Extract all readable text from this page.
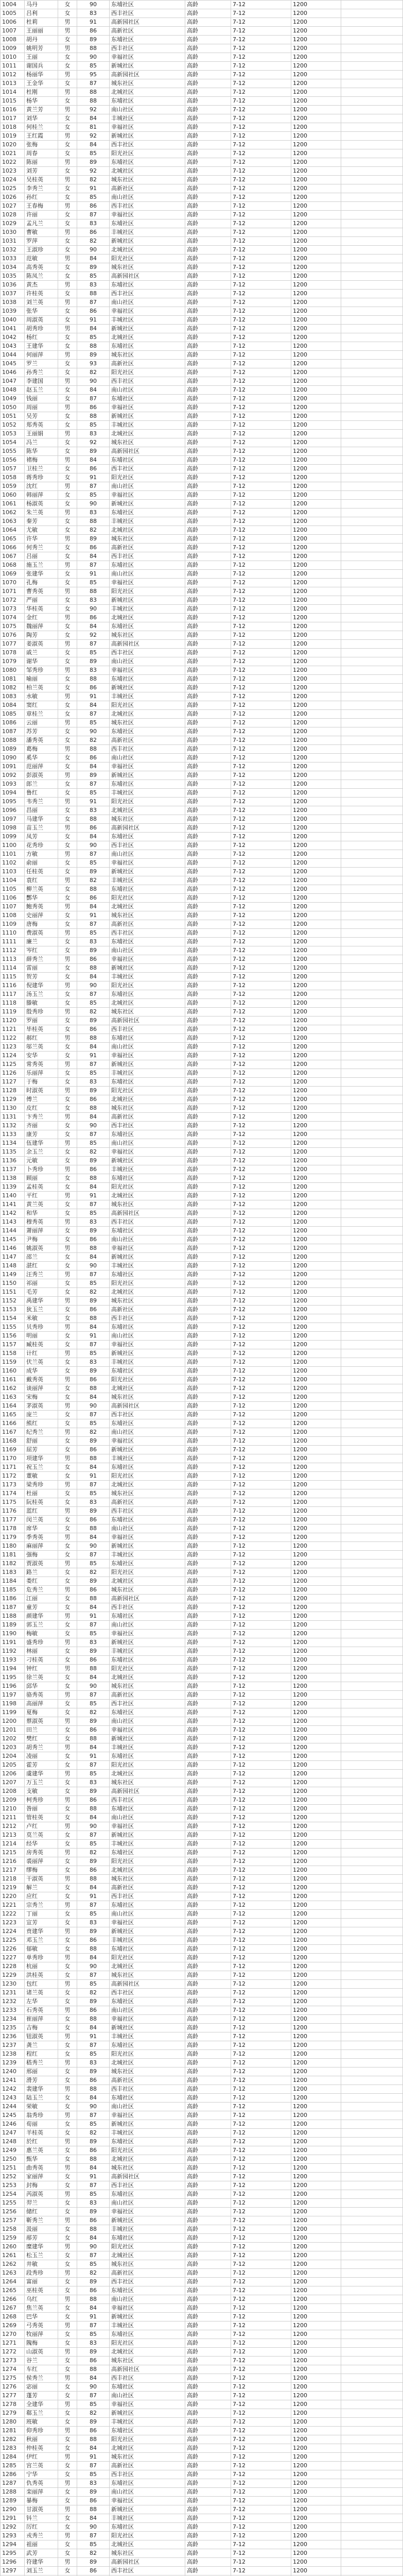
1004	马丹	女	90	东埔社区	高龄	7-12	1200	
1005	吕利	女	83	西丰社区	高龄	7-12	1200	
1006	杜莉	男	91	高新园社区	高龄	7-12	1200	
1007	王丽丽	男	86	高新社区	高龄	7-12	1200	
1008	胡丹	女	89	东埔社区	高龄	7-12	1200	
1009	姚明芳	男	88	西丰社区	高龄	7-12	1200	
1010	王丽	女	90	幸福社区	高龄	7-12	1200	
1011	谢国兵	女	85	新城社区	高龄	7-12	1200	
1012	杨丽华	男	95	高新园社区	高龄	7-12	1200	
1013	王金华	女	87	城东社区	高龄	7-12	1200	
1014	杜刚	男	88	北城社区	高龄	7-12	1200	
1015	杨华	女	88	东埔社区	高龄	7-12	1200	
1016	黄兰芳	男	92	南山社区	高龄	7-12	1200	
1017	刘华	女	84	丰城社区	高龄	7-12	1200	
1018	何桂兰	女	81	幸福社区	高龄	7-12	1200	
1019	王红霞	男	92	新城社区	高龄	7-12	1200	
1020	张梅	女	84	西丰社区	高龄	7-12	1200	
1021	周春	女	85	阳光社区	高龄	7-12	1200	
1022	陈丽	男	89	东埔社区	高龄	7-12	1200	
1023	刘芳	女	92	北城社区	高龄	7-12	1200	
1024	吴桂英	男	82	城东社区	高龄	7-12	1200	
1025	李秀兰	女	91	高新社区	高龄	7-12	1200	
1026	孙红	女	85	南山社区	高龄	7-12	1200	
1027	王春梅	男	86	西丰社区	高龄	7-12	1200	
1028	许丽	女	87	幸福社区	高龄	7-12	1200	
1029	孟凡兰	女	83	东埔社区	高龄	7-12	1200	
1030	曹敏	男	86	丰城社区	高龄	7-12	1200	
1031	罗萍	女	82	新城社区	高龄	7-12	1200	
1032	王淑珍	女	90	北城社区	高龄	7-12	1200	
1033	范敏	男	84	阳光社区	高龄	7-12	1200	
1034	高秀英	女	89	城东社区	高龄	7-12	1200	
1035	陈凤兰	女	85	高新园社区	高龄	7-12	1200	
1036	黄杰	男	83	东埔社区	高龄	7-12	1200	
1037	许桂英	女	88	西丰社区	高龄	7-12	1200	
1038	刘兰英	男	87	南山社区	高龄	7-12	1200	
1039	张华	女	86	幸福社区	高龄	7-12	1200	
1040	周淑英	女	91	丰城社区	高龄	7-12	1200	
1041	胡秀珍	男	84	新城社区	高龄	7-12	1200	
1042	杨红	女	85	北城社区	高龄	7-12	1200	
1043	王建华	女	88	东埔社区	高龄	7-12	1200	
1044	何丽萍	男	89	城东社区	高龄	7-12	1200	
1045	罗兰	女	93	高新社区	高龄	7-12	1200	
1046	孙秀兰	女	82	阳光社区	高龄	7-12	1200	
1047	李建国	男	90	西丰社区	高龄	7-12	1200	
1048	赵玉兰	女	84	南山社区	高龄	7-12	1200	
1049	钱丽	女	87	东埔社区	高龄	7-12	1200	
1050	周丽	男	86	幸福社区	高龄	7-12	1200	
1051	吴芳	女	88	新城社区	高龄	7-12	1200	
1052	郑秀英	女	85	丰城社区	高龄	7-12	1200	
1053	王丽娟	男	83	北城社区	高龄	7-12	1200	
1054	冯兰	女	92	城东社区	高龄	7-12	1200	
1055	陈华	女	89	高新园社区	高龄	7-12	1200	
1056	褚梅	男	84	东埔社区	高龄	7-12	1200	
1057	卫桂兰	女	86	西丰社区	高龄	7-12	1200	
1058	蒋秀珍	女	91	阳光社区	高龄	7-12	1200	
1059	沈红	男	87	南山社区	高龄	7-12	1200	
1060	韩丽萍	女	85	幸福社区	高龄	7-12	1200	
1061	杨淑英	女	90	新城社区	高龄	7-12	1200	
1062	朱兰英	男	83	东埔社区	高龄	7-12	1200	
1063	秦芳	女	88	丰城社区	高龄	7-12	1200	
1064	尤敏	女	82	北城社区	高龄	7-12	1200	
1065	许华	男	89	城东社区	高龄	7-12	1200	
1066	何秀兰	女	86	高新社区	高龄	7-12	1200	
1067	吕丽	女	84	西丰社区	高龄	7-12	1200	
1068	施玉兰	男	87	东埔社区	高龄	7-12	1200	
1069	张建华	女	91	南山社区	高龄	7-12	1200	
1070	孔梅	女	85	幸福社区	高龄	7-12	1200	
1071	曹秀英	男	88	阳光社区	高龄	7-12	1200	
1072	严丽	女	83	新城社区	高龄	7-12	1200	
1073	华桂英	女	90	丰城社区	高龄	7-12	1200	
1074	金红	男	86	北城社区	高龄	7-12	1200	
1075	魏丽萍	女	84	东埔社区	高龄	7-12	1200	
1076	陶芳	女	92	城东社区	高龄	7-12	1200	
1077	姜淑英	男	87	高新园社区	高龄	7-12	1200	
1078	戚兰	女	85	西丰社区	高龄	7-12	1200	
1079	谢华	女	89	南山社区	高龄	7-12	1200	
1080	邹秀珍	男	83	幸福社区	高龄	7-12	1200	
1081	喻丽	女	88	东埔社区	高龄	7-12	1200	
1082	柏兰英	女	86	新城社区	高龄	7-12	1200	
1083	水敏	男	91	丰城社区	高龄	7-12	1200	
1084	窦红	女	84	阳光社区	高龄	7-12	1200	
1085	章桂兰	女	87	北城社区	高龄	7-12	1200	
1086	云丽	男	85	城东社区	高龄	7-12	1200	
1087	苏芳	女	90	东埔社区	高龄	7-12	1200	
1088	潘秀英	女	82	高新社区	高龄	7-12	1200	
1089	葛梅	男	88	西丰社区	高龄	7-12	1200	
1090	奚华	女	86	南山社区	高龄	7-12	1200	
1091	范丽萍	女	84	幸福社区	高龄	7-12	1200	
1092	彭淑英	男	89	新城社区	高龄	7-12	1200	
1093	郎兰	女	87	东埔社区	高龄	7-12	1200	
1094	鲁红	女	85	丰城社区	高龄	7-12	1200	
1095	韦秀兰	男	91	阳光社区	高龄	7-12	1200	
1096	昌丽	女	83	北城社区	高龄	7-12	1200	
1097	马建华	女	88	城东社区	高龄	7-12	1200	
1098	苗玉兰	男	86	高新园社区	高龄	7-12	1200	
1099	凤芳	女	84	东埔社区	高龄	7-12	1200	
1100	花秀珍	女	90	西丰社区	高龄	7-12	1200	
1101	方敏	男	87	南山社区	高龄	7-12	1200	
1102	俞丽	女	85	幸福社区	高龄	7-12	1200	
1103	任桂英	女	89	新城社区	高龄	7-12	1200	
1104	袁红	男	82	丰城社区	高龄	7-12	1200	
1105	柳兰英	女	88	东埔社区	高龄	7-12	1200	
1106	酆华	女	86	阳光社区	高龄	7-12	1200	
1107	鲍秀英	男	84	北城社区	高龄	7-12	1200	
1108	史丽萍	女	91	城东社区	高龄	7-12	1200	
1109	唐梅	女	87	高新社区	高龄	7-12	1200	
1110	费淑英	男	85	西丰社区	高龄	7-12	1200	
1111	廉兰	女	83	东埔社区	高龄	7-12	1200	
1112	岑红	女	89	南山社区	高龄	7-12	1200	
1113	薛秀兰	男	86	幸福社区	高龄	7-12	1200	
1114	雷丽	女	88	新城社区	高龄	7-12	1200	
1115	贺芳	女	84	丰城社区	高龄	7-12	1200	
1116	倪建华	男	90	阳光社区	高龄	7-12	1200	
1117	汤玉兰	女	87	东埔社区	高龄	7-12	1200	
1118	滕敏	女	85	北城社区	高龄	7-12	1200	
1119	殷秀珍	男	82	城东社区	高龄	7-12	1200	
1120	罗丽	女	89	高新园社区	高龄	7-12	1200	
1121	毕桂英	女	86	西丰社区	高龄	7-12	1200	
1122	郝红	男	88	东埔社区	高龄	7-12	1200	
1123	邬兰英	女	84	南山社区	高龄	7-12	1200	
1124	安华	女	91	幸福社区	高龄	7-12	1200	
1125	常秀英	男	87	新城社区	高龄	7-12	1200	
1126	乐丽萍	女	85	丰城社区	高龄	7-12	1200	
1127	于梅	女	83	东埔社区	高龄	7-12	1200	
1128	时淑英	男	89	阳光社区	高龄	7-12	1200	
1129	傅兰	女	86	北城社区	高龄	7-12	1200	
1130	皮红	女	88	城东社区	高龄	7-12	1200	
1131	卞秀兰	男	84	高新社区	高龄	7-12	1200	
1132	齐丽	女	90	西丰社区	高龄	7-12	1200	
1133	康芳	女	87	东埔社区	高龄	7-12	1200	
1134	伍建华	男	85	南山社区	高龄	7-12	1200	
1135	余玉兰	女	82	幸福社区	高龄	7-12	1200	
1136	元敏	女	89	新城社区	高龄	7-12	1200	
1137	卜秀珍	男	86	丰城社区	高龄	7-12	1200	
1138	顾丽	女	88	东埔社区	高龄	7-12	1200	
1139	孟桂英	女	84	阳光社区	高龄	7-12	1200	
1140	平红	男	91	北城社区	高龄	7-12	1200	
1141	黄兰英	女	87	城东社区	高龄	7-12	1200	
1142	和华	女	85	高新园社区	高龄	7-12	1200	
1143	穆秀英	男	83	西丰社区	高龄	7-12	1200	
1144	萧丽萍	女	89	东埔社区	高龄	7-12	1200	
1145	尹梅	女	86	南山社区	高龄	7-12	1200	
1146	姚淑英	男	88	幸福社区	高龄	7-12	1200	
1147	邵兰	女	84	新城社区	高龄	7-12	1200	
1148	湛红	女	90	丰城社区	高龄	7-12	1200	
1149	汪秀兰	男	87	东埔社区	高龄	7-12	1200	
1150	祁丽	女	85	阳光社区	高龄	7-12	1200	
1151	毛芳	女	82	北城社区	高龄	7-12	1200	
1152	禹建华	男	89	城东社区	高龄	7-12	1200	
1153	狄玉兰	女	86	高新社区	高龄	7-12	1200	
1154	米敏	女	88	西丰社区	高龄	7-12	1200	
1155	贝秀珍	男	84	东埔社区	高龄	7-12	1200	
1156	明丽	女	91	南山社区	高龄	7-12	1200	
1157	臧桂英	女	87	幸福社区	高龄	7-12	1200	
1158	计红	男	85	新城社区	高龄	7-12	1200	
1159	伏兰英	女	83	丰城社区	高龄	7-12	1200	
1160	成华	女	89	东埔社区	高龄	7-12	1200	
1161	戴秀英	男	86	阳光社区	高龄	7-12	1200	
1162	谈丽萍	女	88	北城社区	高龄	7-12	1200	
1163	宋梅	女	84	城东社区	高龄	7-12	1200	
1164	茅淑英	男	90	高新园社区	高龄	7-12	1200	
1165	庞兰	女	87	西丰社区	高龄	7-12	1200	
1166	熊红	女	85	东埔社区	高龄	7-12	1200	
1167	纪秀兰	男	82	南山社区	高龄	7-12	1200	
1168	舒丽	女	89	幸福社区	高龄	7-12	1200	
1169	屈芳	女	86	新城社区	高龄	7-12	1200	
1170	项建华	男	88	丰城社区	高龄	7-12	1200	
1171	祝玉兰	女	84	东埔社区	高龄	7-12	1200	
1172	董敏	女	91	阳光社区	高龄	7-12	1200	
1173	梁秀珍	男	87	北城社区	高龄	7-12	1200	
1174	杜丽	女	85	城东社区	高龄	7-12	1200	
1175	阮桂英	女	83	高新社区	高龄	7-12	1200	
1176	蓝红	男	89	西丰社区	高龄	7-12	1200	
1177	闵兰英	女	86	东埔社区	高龄	7-12	1200	
1178	席华	女	88	南山社区	高龄	7-12	1200	
1179	季秀英	男	84	幸福社区	高龄	7-12	1200	
1180	麻丽萍	女	90	新城社区	高龄	7-12	1200	
1181	强梅	女	87	丰城社区	高龄	7-12	1200	
1182	贾淑英	男	85	东埔社区	高龄	7-12	1200	
1183	路兰	女	82	阳光社区	高龄	7-12	1200	
1184	娄红	女	89	北城社区	高龄	7-12	1200	
1185	危秀兰	男	86	城东社区	高龄	7-12	1200	
1186	江丽	女	88	高新园社区	高龄	7-12	1200	
1187	童芳	女	84	西丰社区	高龄	7-12	1200	
1188	颜建华	男	91	东埔社区	高龄	7-12	1200	
1189	郭玉兰	女	87	南山社区	高龄	7-12	1200	
1190	梅敏	女	85	幸福社区	高龄	7-12	1200	
1191	盛秀珍	男	83	新城社区	高龄	7-12	1200	
1192	林丽	女	89	丰城社区	高龄	7-12	1200	
1193	刁桂英	女	86	东埔社区	高龄	7-12	1200	
1194	钟红	男	88	阳光社区	高龄	7-12	1200	
1195	徐兰英	女	84	北城社区	高龄	7-12	1200	
1196	邱华	女	90	城东社区	高龄	7-12	1200	
1197	骆秀英	男	87	高新社区	高龄	7-12	1200	
1198	高丽萍	女	85	西丰社区	高龄	7-12	1200	
1199	夏梅	女	82	东埔社区	高龄	7-12	1200	
1200	蔡淑英	男	89	南山社区	高龄	7-12	1200	
1201	田兰	女	86	幸福社区	高龄	7-12	1200	
1202	樊红	女	88	新城社区	高龄	7-12	1200	
1203	胡秀兰	男	84	丰城社区	高龄	7-12	1200	
1204	凌丽	女	91	东埔社区	高龄	7-12	1200	
1205	霍芳	女	87	阳光社区	高龄	7-12	1200	
1206	虞建华	男	85	北城社区	高龄	7-12	1200	
1207	万玉兰	女	83	城东社区	高龄	7-12	1200	
1208	支敏	女	89	高新园社区	高龄	7-12	1200	
1209	柯秀珍	男	86	西丰社区	高龄	7-12	1200	
1210	昝丽	女	88	东埔社区	高龄	7-12	1200	
1211	管桂英	女	84	南山社区	高龄	7-12	1200	
1212	卢红	男	90	幸福社区	高龄	7-12	1200	
1213	莫兰英	女	87	新城社区	高龄	7-12	1200	
1214	经华	女	85	丰城社区	高龄	7-12	1200	
1215	房秀英	男	82	东埔社区	高龄	7-12	1200	
1216	裘丽萍	女	89	阳光社区	高龄	7-12	1200	
1217	缪梅	女	86	北城社区	高龄	7-12	1200	
1218	干淑英	男	88	城东社区	高龄	7-12	1200	
1219	解兰	女	84	高新社区	高龄	7-12	1200	
1220	应红	女	91	西丰社区	高龄	7-12	1200	
1221	宗秀兰	男	87	东埔社区	高龄	7-12	1200	
1222	丁丽	女	85	南山社区	高龄	7-12	1200	
1223	宣芳	女	83	幸福社区	高龄	7-12	1200	
1224	贲建华	男	89	新城社区	高龄	7-12	1200	
1225	邓玉兰	女	86	丰城社区	高龄	7-12	1200	
1226	郁敏	女	88	东埔社区	高龄	7-12	1200	
1227	单秀珍	男	84	阳光社区	高龄	7-12	1200	
1228	杭丽	女	90	北城社区	高龄	7-12	1200	
1229	洪桂英	女	87	城东社区	高龄	7-12	1200	
1230	包红	男	85	高新园社区	高龄	7-12	1200	
1231	诸兰英	女	82	西丰社区	高龄	7-12	1200	
1232	左华	女	89	东埔社区	高龄	7-12	1200	
1233	石秀英	男	86	南山社区	高龄	7-12	1200	
1234	崔丽萍	女	88	幸福社区	高龄	7-12	1200	
1235	吉梅	女	84	新城社区	高龄	7-12	1200	
1236	钮淑英	男	91	丰城社区	高龄	7-12	1200	
1237	龚兰	女	87	东埔社区	高龄	7-12	1200	
1238	程红	女	85	阳光社区	高龄	7-12	1200	
1239	嵇秀兰	男	83	北城社区	高龄	7-12	1200	
1240	邢丽	女	89	城东社区	高龄	7-12	1200	
1241	滑芳	女	86	高新社区	高龄	7-12	1200	
1242	裴建华	男	88	西丰社区	高龄	7-12	1200	
1243	陆玉兰	女	84	东埔社区	高龄	7-12	1200	
1244	荣敏	女	90	南山社区	高龄	7-12	1200	
1245	翁秀珍	男	87	幸福社区	高龄	7-12	1200	
1246	荀丽	女	85	新城社区	高龄	7-12	1200	
1247	羊桂英	女	82	丰城社区	高龄	7-12	1200	
1248	於红	男	89	东埔社区	高龄	7-12	1200	
1249	惠兰英	女	86	阳光社区	高龄	7-12	1200	
1250	甄华	女	88	北城社区	高龄	7-12	1200	
1251	曲秀英	男	84	城东社区	高龄	7-12	1200	
1252	家丽萍	女	91	高新园社区	高龄	7-12	1200	
1253	封梅	女	87	西丰社区	高龄	7-12	1200	
1254	芮淑英	男	85	东埔社区	高龄	7-12	1200	
1255	羿兰	女	83	南山社区	高龄	7-12	1200	
1256	储红	女	89	幸福社区	高龄	7-12	1200	
1257	靳秀兰	男	86	新城社区	高龄	7-12	1200	
1258	汲丽	女	88	丰城社区	高龄	7-12	1200	
1259	邴芳	女	84	东埔社区	高龄	7-12	1200	
1260	糜建华	男	90	阳光社区	高龄	7-12	1200	
1261	松玉兰	女	87	北城社区	高龄	7-12	1200	
1262	井敏	女	85	城东社区	高龄	7-12	1200	
1263	段秀珍	男	82	高新社区	高龄	7-12	1200	
1264	富丽	女	89	西丰社区	高龄	7-12	1200	
1265	巫桂英	女	86	东埔社区	高龄	7-12	1200	
1266	乌红	男	88	南山社区	高龄	7-12	1200	
1267	焦兰英	女	84	幸福社区	高龄	7-12	1200	
1268	巴华	女	91	新城社区	高龄	7-12	1200	
1269	弓秀英	男	87	丰城社区	高龄	7-12	1200	
1270	牧丽萍	女	85	东埔社区	高龄	7-12	1200	
1271	隗梅	女	83	阳光社区	高龄	7-12	1200	
1272	山淑英	男	89	北城社区	高龄	7-12	1200	
1273	谷兰	女	86	城东社区	高龄	7-12	1200	
1274	车红	女	88	高新园社区	高龄	7-12	1200	
1275	侯秀兰	男	84	西丰社区	高龄	7-12	1200	
1276	宓丽	女	90	东埔社区	高龄	7-12	1200	
1277	蓬芳	女	87	南山社区	高龄	7-12	1200	
1278	全建华	男	85	幸福社区	高龄	7-12	1200	
1279	郗玉兰	女	82	新城社区	高龄	7-12	1200	
1280	班敏	女	89	丰城社区	高龄	7-12	1200	
1281	仰秀珍	男	86	东埔社区	高龄	7-12	1200	
1282	秋丽	女	88	阳光社区	高龄	7-12	1200	
1283	仲桂英	女	84	北城社区	高龄	7-12	1200	
1284	伊红	男	91	城东社区	高龄	7-12	1200	
1285	宫兰英	女	87	高新社区	高龄	7-12	1200	
1286	宁华	女	85	西丰社区	高龄	7-12	1200	
1287	仇秀英	男	83	东埔社区	高龄	7-12	1200	
1288	栾丽萍	女	89	南山社区	高龄	7-12	1200	
1289	暴梅	女	86	幸福社区	高龄	7-12	1200	
1290	甘淑英	男	88	新城社区	高龄	7-12	1200	
1291	钭兰	女	84	丰城社区	高龄	7-12	1200	
1292	厉红	女	90	东埔社区	高龄	7-12	1200	
1293	戎秀兰	男	87	阳光社区	高龄	7-12	1200	
1294	祖丽	女	85	北城社区	高龄	7-12	1200	
1295	武芳	女	82	城东社区	高龄	7-12	1200	
1296	符建华	男	89	高新园社区	高龄	7-12	1200	
1297	刘玉兰	女	86	西丰社区	高龄	7-12	1200	
